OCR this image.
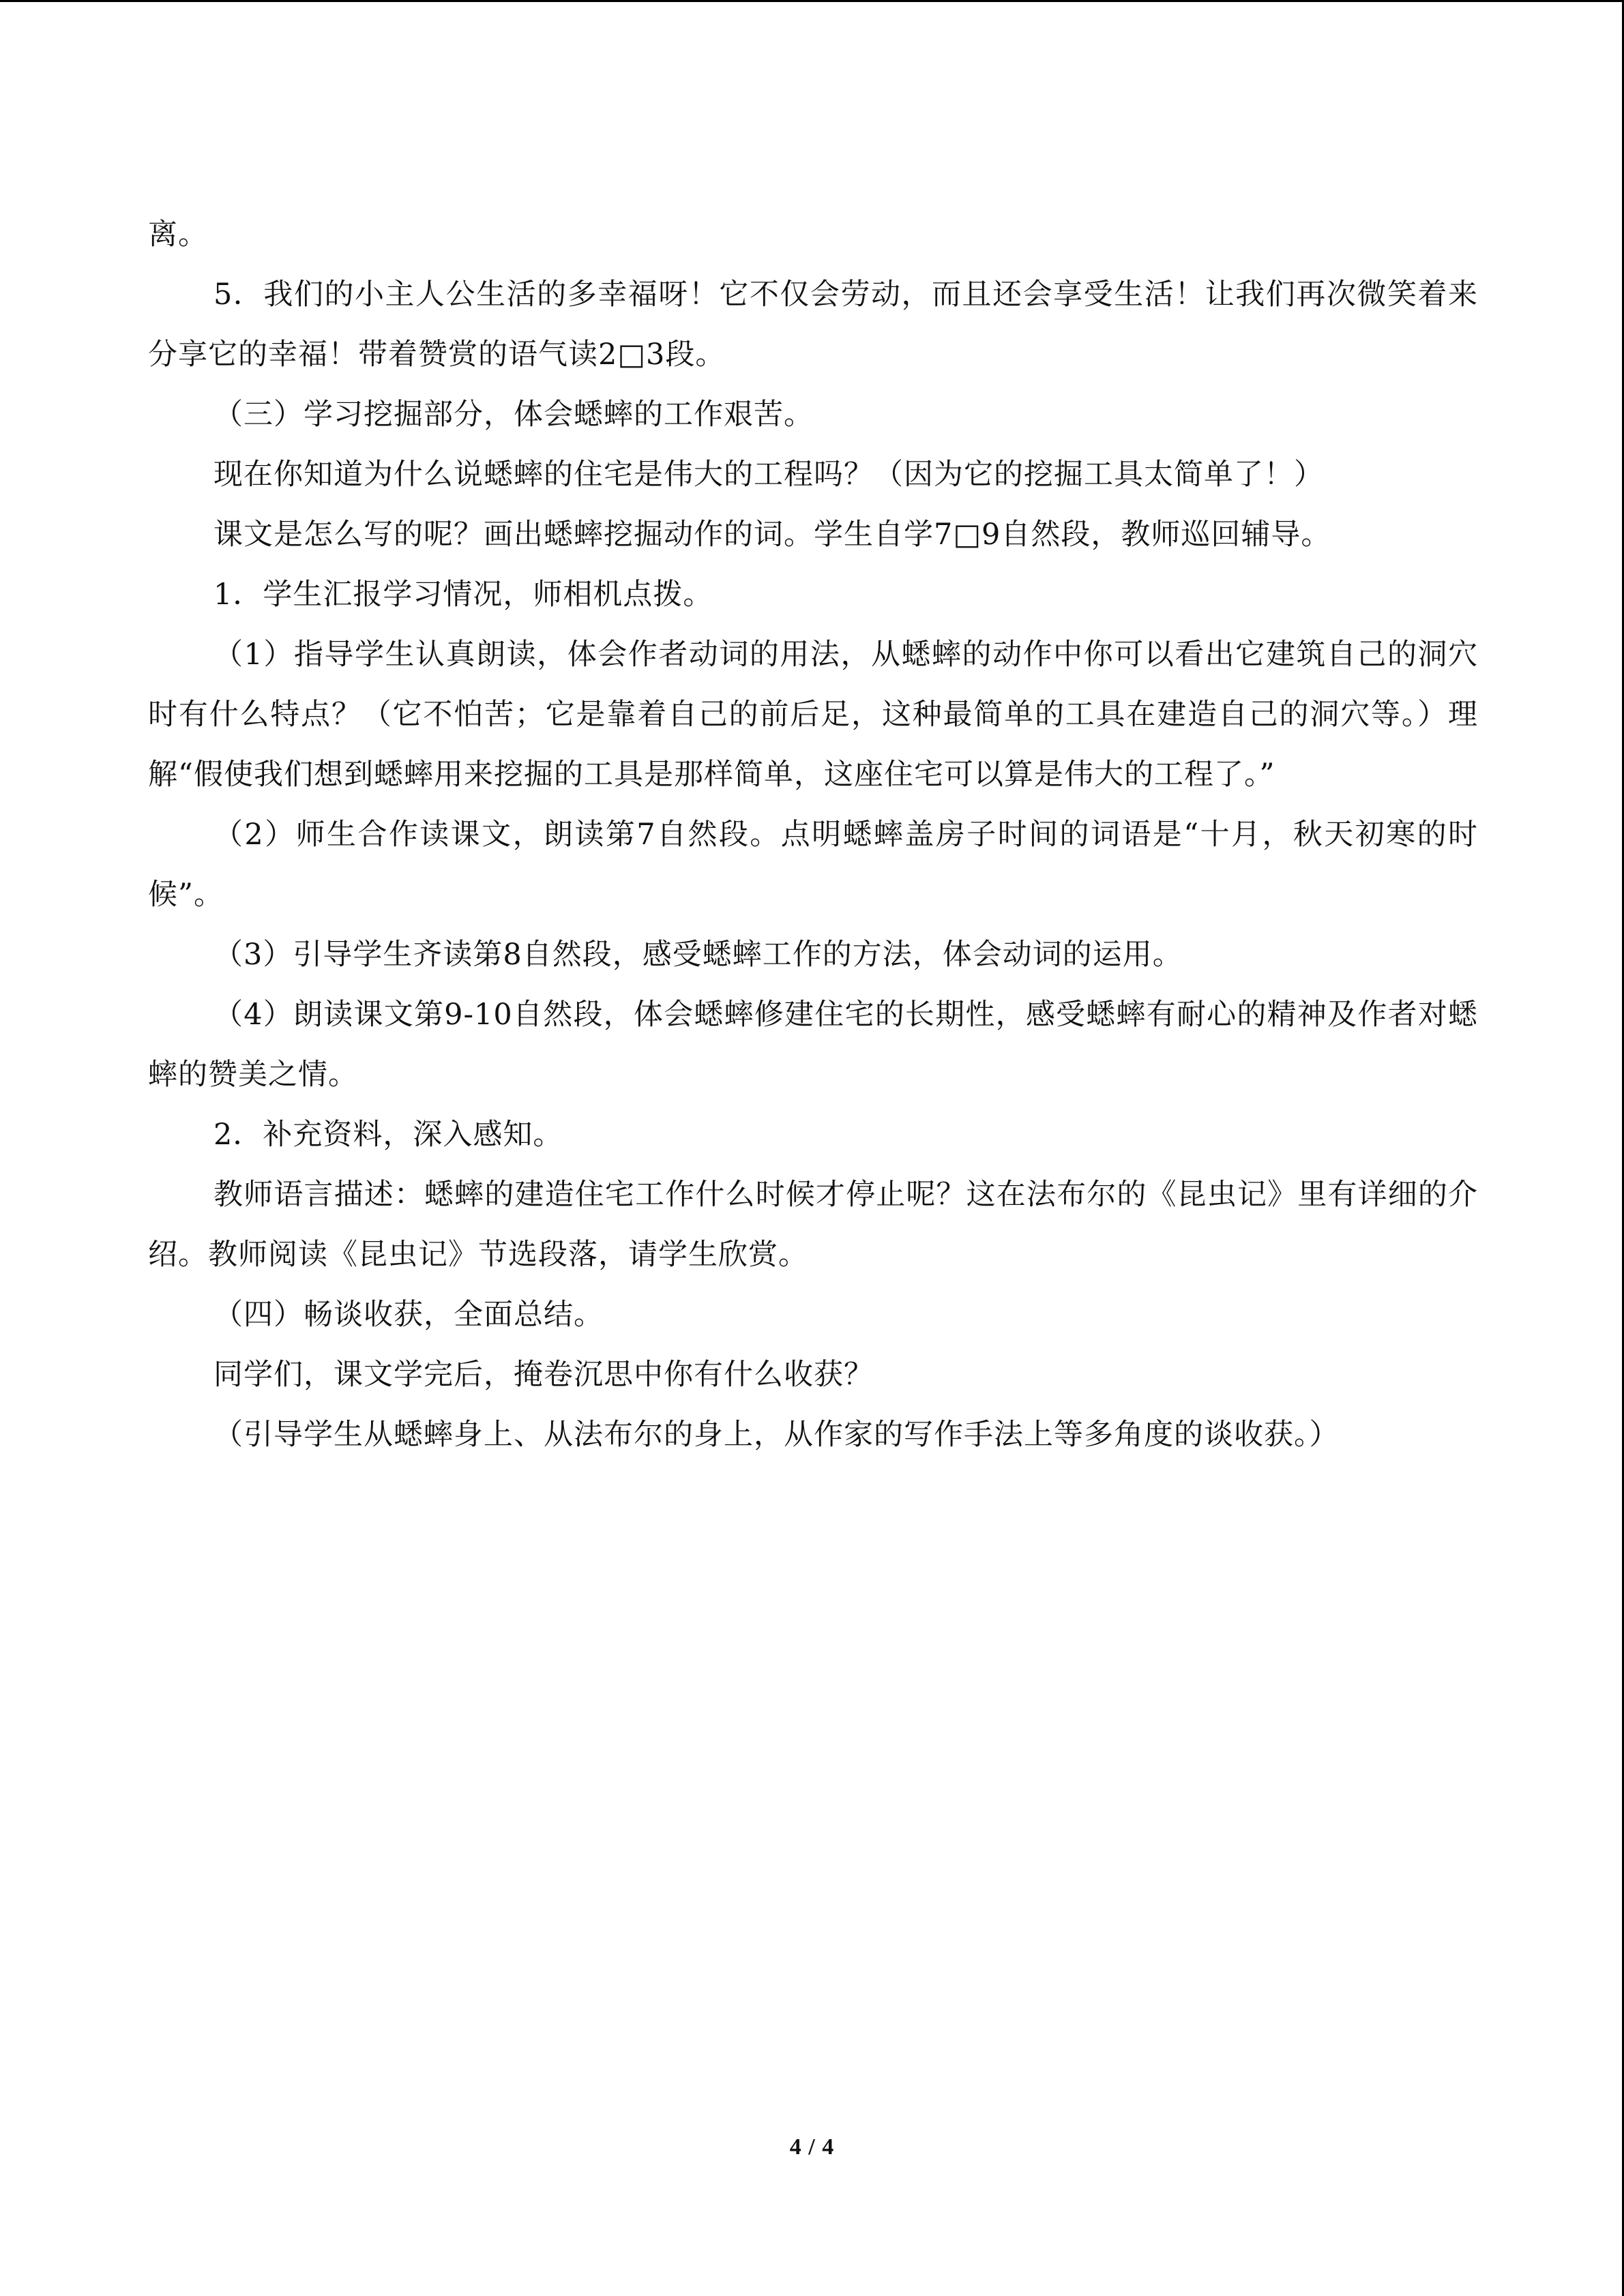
离。

5．我们的小主人公生活的多幸福呀！它不仅会劳动，而且还会享受生活！让我们再次微笑着来分享它的幸福！带着赞赏的语气读2□3段。

（三）学习挖掘部分，体会蟋蟀的工作艰苦。

现在你知道为什么说蟋蟀的住宅是伟大的工程吗？（因为它的挖掘工具太简单了！）

课文是怎么写的呢？画出蟋蟀挖掘动作的词。学生自学7□9自然段，教师巡回辅导。

1．学生汇报学习情况，师相机点拨。

（1）指导学生认真朗读，体会作者动词的用法，从蟋蟀的动作中你可以看出它建筑自己的洞穴时有什么特点？（它不怕苦；它是靠着自己的前后足，这种最简单的工具在建造自己的洞穴等。）理解“假使我们想到蟋蟀用来挖掘的工具是那样简单，这座住宅可以算是伟大的工程了。”

（2）师生合作读课文，朗读第7自然段。点明蟋蟀盖房子时间的词语是“十月，秋天初寒的时候”。

（3）引导学生齐读第8自然段，感受蟋蟀工作的方法，体会动词的运用。

（4）朗读课文第9-10自然段，体会蟋蟀修建住宅的长期性，感受蟋蟀有耐心的精神及作者对蟋蟀的赞美之情。

2．补充资料，深入感知。

教师语言描述：蟋蟀的建造住宅工作什么时候才停止呢？这在法布尔的《昆虫记》里有详细的介绍。教师阅读《昆虫记》节选段落，请学生欣赏。

（四）畅谈收获，全面总结。

同学们，课文学完后，掩卷沉思中你有什么收获？

（引导学生从蟋蟀身上、从法布尔的身上，从作家的写作手法上等多角度的谈收获。）

4 / 4
